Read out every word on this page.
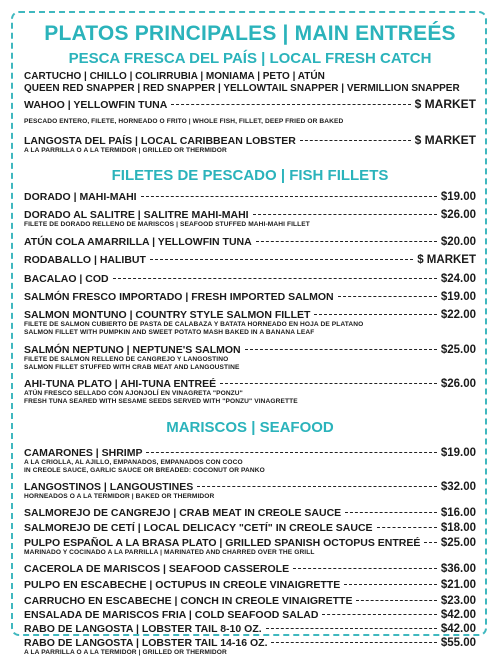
PLATOS PRINCIPALES | MAIN ENTREÉS
PESCA FRESCA DEL PAÍS | LOCAL FRESH CATCH
CARTUCHO | CHILLO | COLIRRUBIA | MONIAMA | PETO | ATÚN
QUEEN RED SNAPPER | RED SNAPPER | YELLOWTAIL SNAPPER | VERMILLION SNAPPER
WAHOO | YELLOWFIN TUNA	$ MARKET
PESCADO ENTERO, FILETE, HORNEADO O FRITO | WHOLE FISH, FILLET, DEEP FRIED OR BAKED
LANGOSTA DEL PAÍS | LOCAL CARIBBEAN LOBSTER	$ MARKET
A LA PARRILLA O A LA TERMIDOR | GRILLED OR THERMIDOR
FILETES DE PESCADO | FISH FILLETS
DORADO | MAHI-MAHI	$19.00
DORADO AL SALITRE | SALITRE MAHI-MAHI	$26.00
FILETE DE DORADO RELLENO DE MARISCOS | SEAFOOD STUFFED MAHI-MAHI FILLET
ATÚN COLA AMARRILLA | YELLOWFIN TUNA	$20.00
RODABALLO | HALIBUT	$ MARKET
BACALAO | COD	$24.00
SALMÓN FRESCO IMPORTADO | FRESH IMPORTED SALMON	$19.00
SALMON MONTUNO | COUNTRY STYLE SALMON FILLET	$22.00
FILETE DE SALMON CUBIERTO DE PASTA DE CALABAZA Y BATATA HORNEADO EN HOJA DE PLATANO
SALMON FILLET WITH PUMPKIN AND SWEET POTATO MASH BAKED IN A BANANA LEAF
SALMÓN NEPTUNO | NEPTUNE'S SALMON	$25.00
FILETE DE SALMON RELLENO DE CANGREJO Y LANGOSTINO
SALMON FILLET STUFFED WITH CRAB MEAT AND LANGOUSTINE
AHI-TUNA PLATO | AHI-TUNA ENTREÉ	$26.00
ATÚN FRESCO SELLADO CON AJONJOLÍ EN VINAGRETA "PONZU"
FRESH TUNA SEARED WITH SESAME SEEDS SERVED WITH "PONZU" VINAGRETTE
MARISCOS | SEAFOOD
CAMARONES | SHRIMP	$19.00
A LA CRIOLLA, AL AJILLO, EMPANADOS, EMPANADOS CON COCO
IN CREOLE SAUCE, GARLIC SAUCE OR BREADED: COCONUT OR PANKO
LANGOSTINOS | LANGOUSTINES	$32.00
HORNEADOS O A LA TERMIDOR | BAKED OR THERMIDOR
SALMOREJO DE CANGREJO | CRAB MEAT IN CREOLE SAUCE	$16.00
SALMOREJO DE CETÍ | LOCAL DELICACY "CETÍ" IN CREOLE SAUCE	$18.00
PULPO ESPAÑOL A LA BRASA PLATO | GRILLED SPANISH OCTOPUS ENTREÉ $25.00
MARINADO Y COCINADO A LA PARRILLA | MARINATED AND CHARRED OVER THE GRILL
CACEROLA DE MARISCOS | SEAFOOD CASSEROLE	$36.00
PULPO EN ESCABECHE | OCTUPUS IN CREOLE VINAIGRETTE	$21.00
CARRUCHO EN ESCABECHE | CONCH IN CREOLE VINAIGRETTE	$23.00
ENSALADA DE MARISCOS FRIA | COLD SEAFOOD SALAD	$42.00
RABO DE LANGOSTA | LOBSTER TAIL 8-10 OZ.	$42.00
RABO DE LANGOSTA | LOBSTER TAIL 14-16 OZ.	$55.00
A LA PARRILLA O A LA TERMIDOR | GRILLED OR THERMIDOR
